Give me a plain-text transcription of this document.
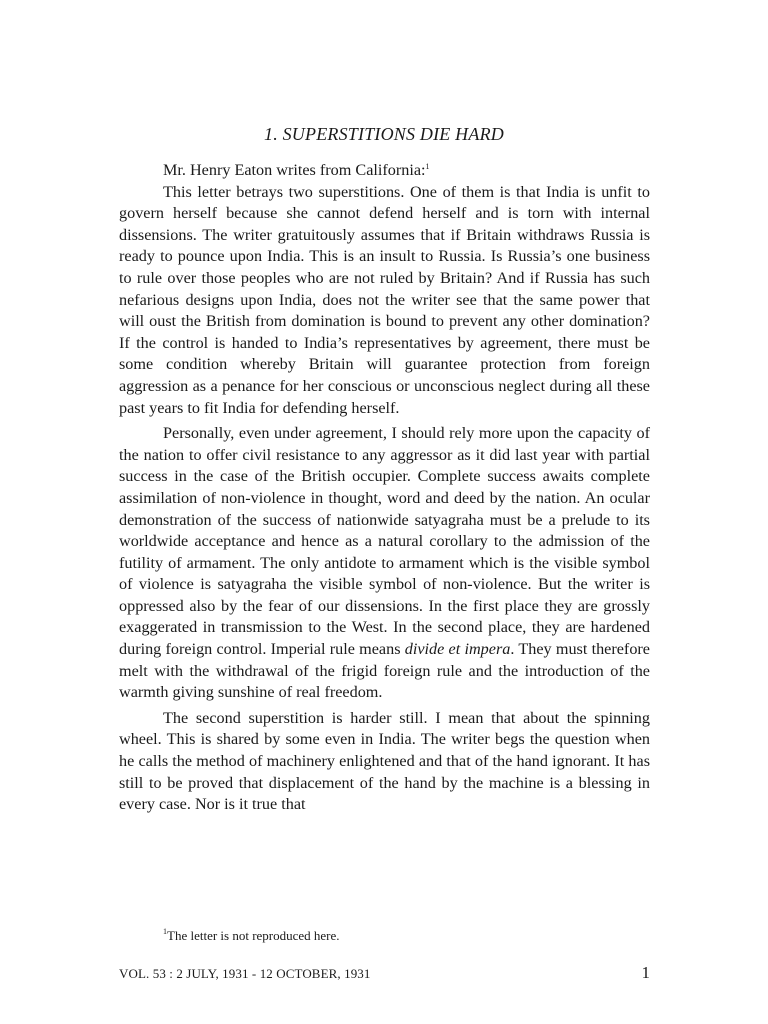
1. SUPERSTITIONS DIE HARD

Mr. Henry Eaton writes from California:$^1$

This letter betrays two superstitions. One of them is that India is unfit to govern herself because she cannot defend herself and is torn with internal dissensions. The writer gratuitously assumes that if Britain withdraws Russia is ready to pounce upon India. This is an insult to Russia. Is Russia’s one business to rule over those peoples who are not ruled by Britain? And if Russia has such nefarious designs upon India, does not the writer see that the same power that will oust the British from domination is bound to prevent any other domination? If the control is handed to India’s representatives by agreement, there must be some condition whereby Britain will guarantee protection from foreign aggression as a penance for her conscious or unconscious neglect during all these past years to fit India for defending herself.

Personally, even under agreement, I should rely more upon the capacity of the nation to offer civil resistance to any aggressor as it did last year with partial success in the case of the British occupier. Complete success awaits complete assimilation of non-violence in thought, word and deed by the nation. An ocular demonstration of the success of nationwide satyagraha must be a prelude to its worldwide acceptance and hence as a natural corollary to the admission of the futility of armament. The only antidote to armament which is the visible symbol of violence is satyagraha the visible symbol of non-violence. But the writer is oppressed also by the fear of our dissensions. In the first place they are grossly exaggerated in transmission to the West. In the second place, they are hardened during foreign control. Imperial rule means divide et impera. They must therefore melt with the withdrawal of the frigid foreign rule and the introduction of the warmth giving sunshine of real freedom.

The second superstition is harder still. I mean that about the spinning wheel. This is shared by some even in India. The writer begs the question when he calls the method of machinery enlightened and that of the hand ignorant. It has still to be proved that displacement of the hand by the machine is a blessing in every case. Nor is it true that

$^1$The letter is not reproduced here.
VOL. 53 : 2 JULY, 1931 - 12 OCTOBER, 1931	1
